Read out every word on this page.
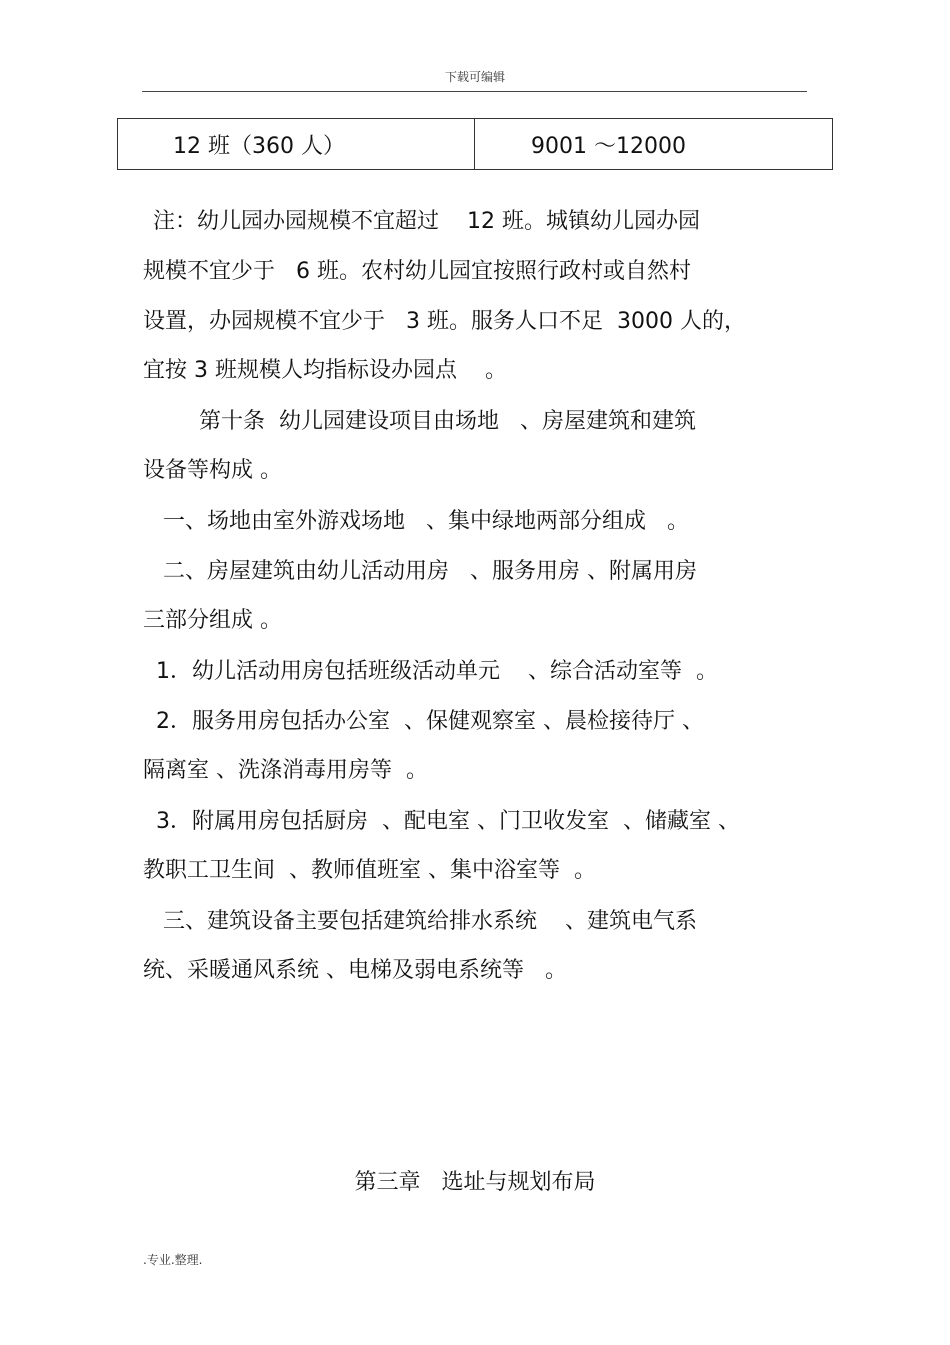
下载可编辑
12 班（360 人）	9001 ～12000
注：幼儿园办园规模不宜超过    12 班。城镇幼儿园办园
规模不宜少于   6 班。农村幼儿园宜按照行政村或自然村
设置，办园规模不宜少于   3 班。服务人口不足  3000 人的，
宜按 3 班规模人均指标设办园点    。
第十条  幼儿园建设项目由场地   、房屋建筑和建筑
设备等构成 。
一、场地由室外游戏场地   、集中绿地两部分组成   。
二、房屋建筑由幼儿活动用房   、服务用房 、附属用房
三部分组成 。
1．幼儿活动用房包括班级活动单元    、综合活动室等  。
2．服务用房包括办公室  、保健观察室 、晨检接待厅 、
隔离室 、洗涤消毒用房等  。
3．附属用房包括厨房  、配电室 、门卫收发室  、储藏室 、
教职工卫生间  、教师值班室 、集中浴室等  。
三、建筑设备主要包括建筑给排水系统    、建筑电气系
统、采暖通风系统 、电梯及弱电系统等   。
第三章   选址与规划布局
.专业.整理.
